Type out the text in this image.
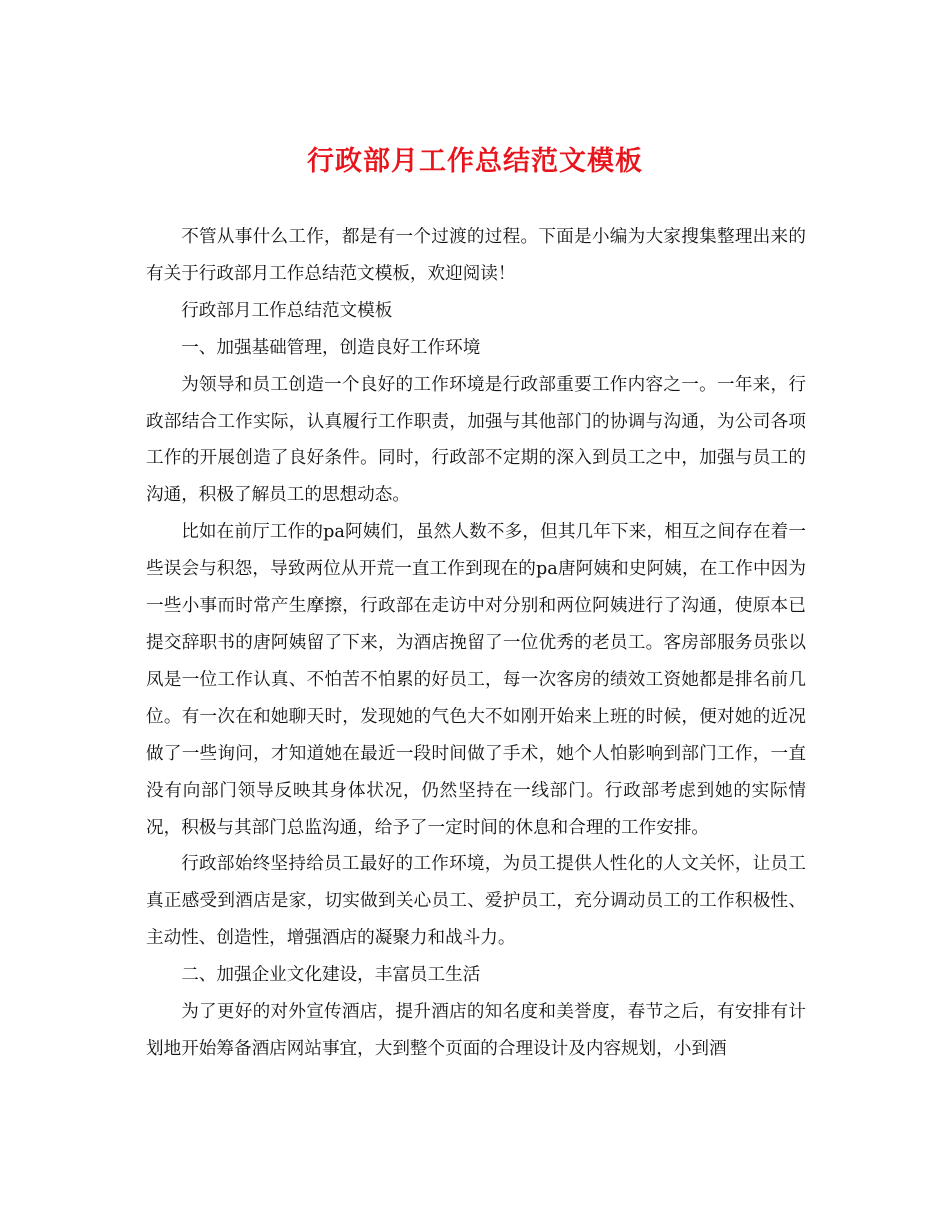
行政部月工作总结范文模板

不管从事什么工作，都是有一个过渡的过程。下面是小编为大家搜集整理出来的有关于行政部月工作总结范文模板，欢迎阅读！

行政部月工作总结范文模板

一、加强基础管理，创造良好工作环境

为领导和员工创造一个良好的工作环境是行政部重要工作内容之一。一年来，行政部结合工作实际，认真履行工作职责，加强与其他部门的协调与沟通，为公司各项工作的开展创造了良好条件。同时，行政部不定期的深入到员工之中，加强与员工的沟通，积极了解员工的思想动态。

比如在前厅工作的pa阿姨们，虽然人数不多，但其几年下来，相互之间存在着一些误会与积怨，导致两位从开荒一直工作到现在的pa唐阿姨和史阿姨，在工作中因为一些小事而时常产生摩擦，行政部在走访中对分别和两位阿姨进行了沟通，使原本已提交辞职书的唐阿姨留了下来，为酒店挽留了一位优秀的老员工。客房部服务员张以凤是一位工作认真、不怕苦不怕累的好员工，每一次客房的绩效工资她都是排名前几位。有一次在和她聊天时，发现她的气色大不如刚开始来上班的时候，便对她的近况做了一些询问，才知道她在最近一段时间做了手术，她个人怕影响到部门工作，一直没有向部门领导反映其身体状况，仍然坚持在一线部门。行政部考虑到她的实际情况，积极与其部门总监沟通，给予了一定时间的休息和合理的工作安排。

行政部始终坚持给员工最好的工作环境，为员工提供人性化的人文关怀，让员工真正感受到酒店是家，切实做到关心员工、爱护员工，充分调动员工的工作积极性、主动性、创造性，增强酒店的凝聚力和战斗力。

二、加强企业文化建设，丰富员工生活

为了更好的对外宣传酒店，提升酒店的知名度和美誉度，春节之后，有安排有计划地开始筹备酒店网站事宜，大到整个页面的合理设计及内容规划，小到酒
